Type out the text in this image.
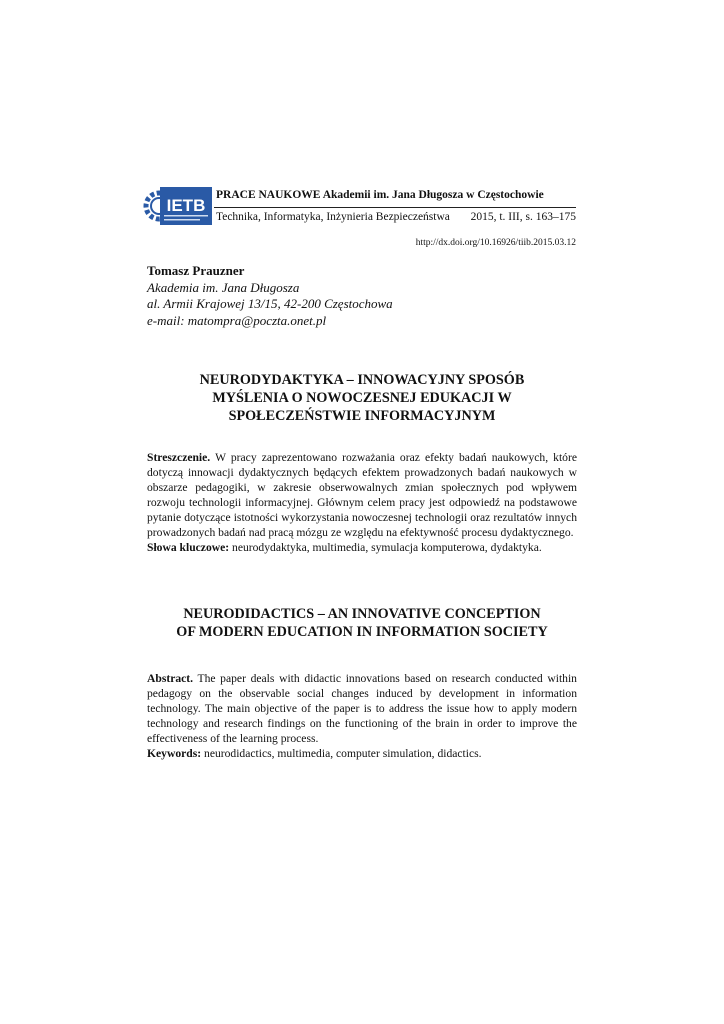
IETB
PRACE NAUKOWE Akademii im. Jana Długosza w Częstochowie
Technika, Informatyka, Inżynieria Bezpieczeństwa 2015, t. III, s. 163–175
http://dx.doi.org/10.16926/tiib.2015.03.12
Tomasz Prauzner
Akademia im. Jana Długosza
al. Armii Krajowej 13/15, 42-200 Częstochowa
e-mail: matompra@poczta.onet.pl
NEURODYDAKTYKA – INNOWACYJNY SPOSÓB
MYŚLENIA O NOWOCZESNEJ EDUKACJI W
SPOŁECZEŃSTWIE INFORMACYJNYM

Streszczenie. W pracy zaprezentowano rozważania oraz efekty badań naukowych, które dotyczą innowacji dydaktycznych będących efektem prowadzonych badań naukowych w obszarze pedagogiki, w zakresie obserwowalnych zmian społecznych pod wpływem rozwoju technologii informacyjnej. Głównym celem pracy jest odpowiedź na podstawowe pytanie dotyczące istotności wykorzystania nowoczesnej technologii oraz rezultatów innych prowadzonych badań nad pracą mózgu ze względu na efektywność procesu dydaktycznego.

Słowa kluczowe: neurodydaktyka, multimedia, symulacja komputerowa, dydaktyka.

NEURODIDACTICS – AN INNOVATIVE CONCEPTION
OF MODERN EDUCATION IN INFORMATION SOCIETY

Abstract. The paper deals with didactic innovations based on research conducted within pedagogy on the observable social changes induced by development in information technology. The main objective of the paper is to address the issue how to apply modern technology and research findings on the functioning of the brain in order to improve the effectiveness of the learning process.

Keywords: neurodidactics, multimedia, computer simulation, didactics.
